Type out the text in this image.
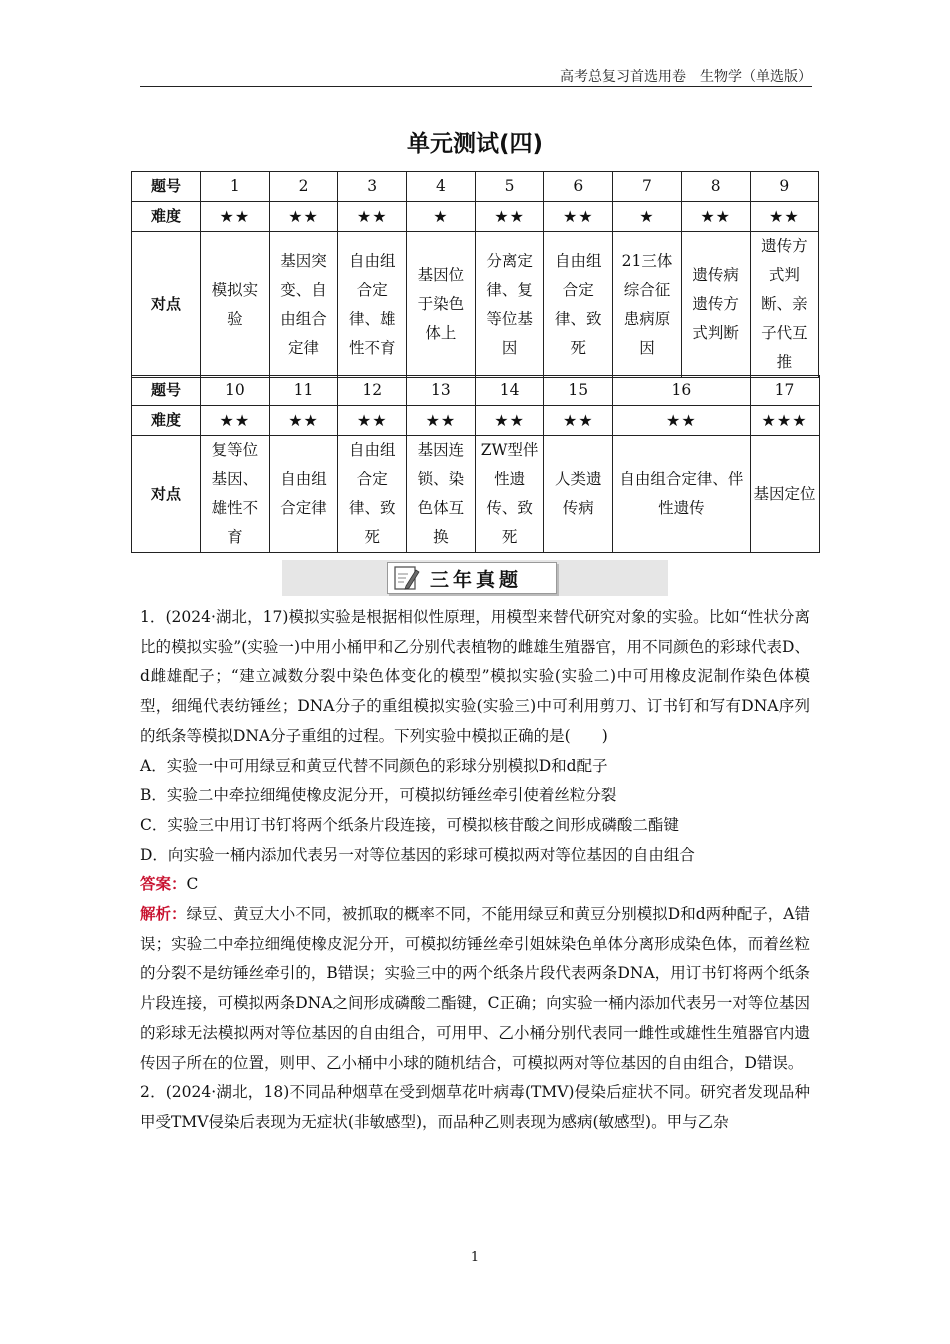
高考总复习首选用卷　生物学（单选版）
单元测试(四)
题号	1	2	3	4	5	6	7	8	9
难度	★★	★★	★★	★	★★	★★	★	★★	★★
对点	模拟实验	基因突变、自由组合定律	自由组合定律、雄性不育	基因位于染色体上	分离定律、复等位基因	自由组合定律、致死	21三体综合征患病原因	遗传病遗传方式判断	遗传方式判断、亲子代互推
题号	10	11	12	13	14	15	16	17
难度	★★	★★	★★	★★	★★	★★	★★	★★★
对点	复等位基因、雄性不育	自由组合定律	自由组合定律、致死	基因连锁、染色体互换	ZW型伴性遗传、致死	人类遗传病	自由组合定律、伴性遗传	基因定位
三年真题

1．(2024·湖北，17)模拟实验是根据相似性原理，用模型来替代研究对象的实验。比如“性状分离比的模拟实验”(实验一)中用小桶甲和乙分别代表植物的雌雄生殖器官，用不同颜色的彩球代表D、d雌雄配子；“建立减数分裂中染色体变化的模型”模拟实验(实验二)中可用橡皮泥制作染色体模型，细绳代表纺锤丝；DNA分子的重组模拟实验(实验三)中可利用剪刀、订书钉和写有DNA序列的纸条等模拟DNA分子重组的过程。下列实验中模拟正确的是(　　)

A．实验一中可用绿豆和黄豆代替不同颜色的彩球分别模拟D和d配子

B．实验二中牵拉细绳使橡皮泥分开，可模拟纺锤丝牵引使着丝粒分裂

C．实验三中用订书钉将两个纸条片段连接，可模拟核苷酸之间形成磷酸二酯键

D．向实验一桶内添加代表另一对等位基因的彩球可模拟两对等位基因的自由组合

答案：C

解析：绿豆、黄豆大小不同，被抓取的概率不同，不能用绿豆和黄豆分别模拟D和d两种配子，A错误；实验二中牵拉细绳使橡皮泥分开，可模拟纺锤丝牵引姐妹染色单体分离形成染色体，而着丝粒的分裂不是纺锤丝牵引的，B错误；实验三中的两个纸条片段代表两条DNA，用订书钉将两个纸条片段连接，可模拟两条DNA之间形成磷酸二酯键，C正确；向实验一桶内添加代表另一对等位基因的彩球无法模拟两对等位基因的自由组合，可用甲、乙小桶分别代表同一雌性或雄性生殖器官内遗传因子所在的位置，则甲、乙小桶中小球的随机结合，可模拟两对等位基因的自由组合，D错误。

2．(2024·湖北，18)不同品种烟草在受到烟草花叶病毒(TMV)侵染后症状不同。研究者发现品种甲受TMV侵染后表现为无症状(非敏感型)，而品种乙则表现为感病(敏感型)。甲与乙杂

1
